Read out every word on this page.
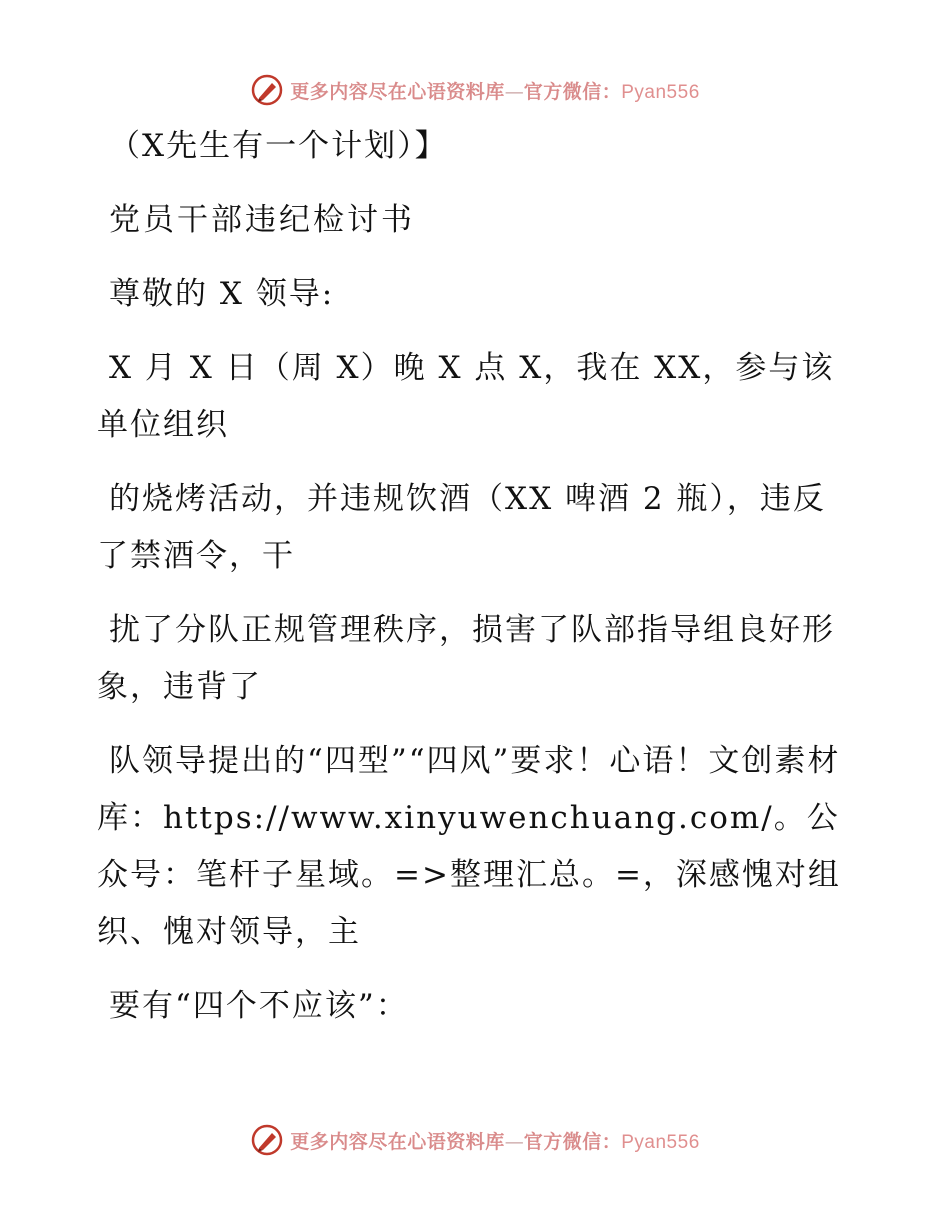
更多内容尽在心语资料库—官方微信：Pyan556

（X先生有一个计划）】

党员干部违纪检讨书

尊敬的 X 领导:

X 月 X 日（周 X）晚 X 点 X，我在 XX，参与该单位组织

的烧烤活动，并违规饮酒（XX 啤酒 2 瓶），违反了禁酒令，干

扰了分队正规管理秩序，损害了队部指导组良好形象，违背了

队领导提出的“四型”“四风”要求！心语！文创素材库：https://www.xinyuwenchuang.com/。公众号：笔杆子星域。=>整理汇总。=，深感愧对组织、愧对领导，主

要有“四个不应该”：

更多内容尽在心语资料库—官方微信：Pyan556
